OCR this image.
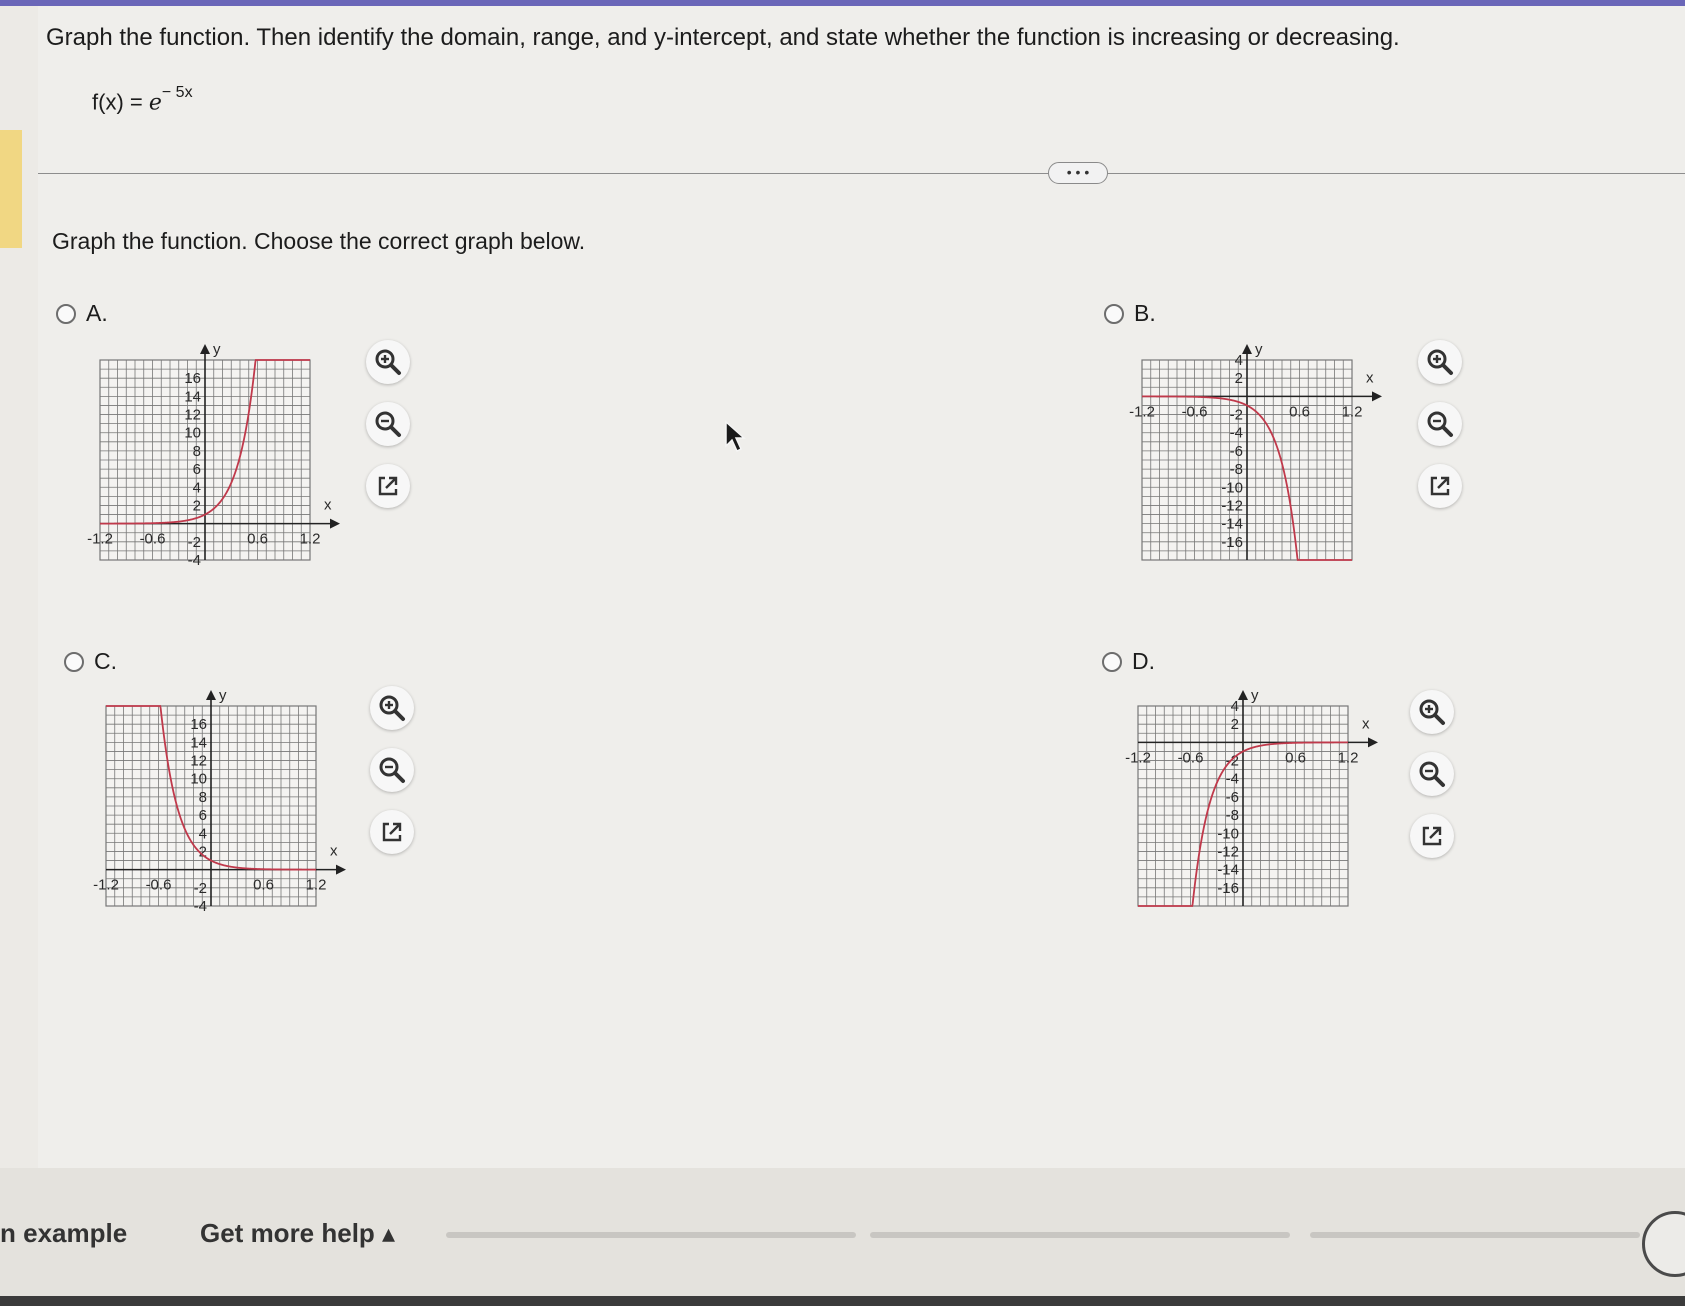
Graph the function. Then identify the domain, range, and y-intercept, and state whether the function is increasing or decreasing.
$f(x) = e^{- 5x}$
• • •
Graph the function. Choose the correct graph below.
A.	B.
C.	D.
x
y
-1.2 -0.6	0.6 1.2
16
14
12
10
8
6
4
2
-2
-4
x
y
-1.2 -0.6	0.6 1.2
4
2
-2
-4
-6
-8
-10
-12
-14
-16
x
y
-1.2 -0.6	0.6 1.2
16
14
12
10
8
6
4
2
-2
-4
x
y
-1.2 -0.6	0.6 1.2
4
2
-2
-4
-6
-8
-10
-12
-14
-16
n example	Get more help ▴
